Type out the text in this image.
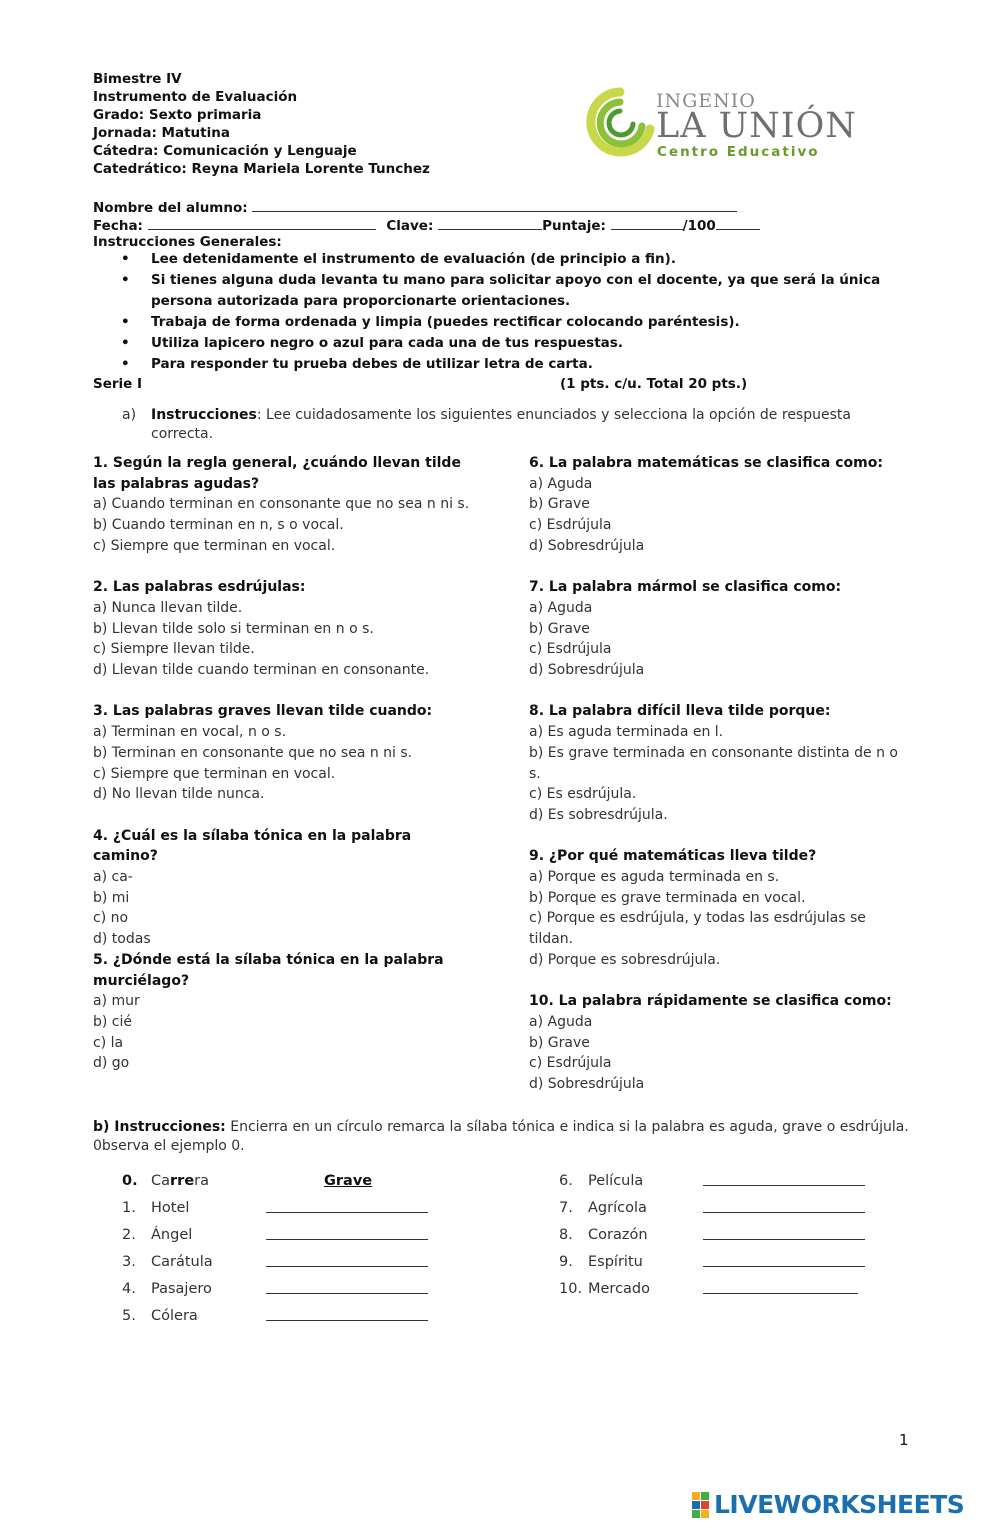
Bimestre IV
Instrumento de Evaluación
Grado: Sexto primaria
Jornada: Matutina
Cátedra: Comunicación y Lenguaje
Catedrático: Reyna Mariela Lorente Tunchez
INGENIO
LA UNIÓN
Centro Educativo
Nombre del alumno:
Fecha:	Clave:	Puntaje:	/100
Instrucciones Generales:
• Lee detenidamente el instrumento de evaluación (de principio a fin).
• Si tienes alguna duda levanta tu mano para solicitar apoyo con el docente, ya que será la única persona autorizada para proporcionarte orientaciones.
• Trabaja de forma ordenada y limpia (puedes rectificar colocando paréntesis).
• Utiliza lapicero negro o azul para cada una de tus respuestas.
• Para responder tu prueba debes de utilizar letra de carta.
Serie I	(1 pts. c/u. Total 20 pts.)
a) Instrucciones: Lee cuidadosamente los siguientes enunciados y selecciona la opción de respuesta correcta.
1. Según la regla general, ¿cuándo llevan tilde las palabras agudas?
a) Cuando terminan en consonante que no sea n ni s.
b) Cuando terminan en n, s o vocal.
c) Siempre que terminan en vocal.
2. Las palabras esdrújulas:
a) Nunca llevan tilde.
b) Llevan tilde solo si terminan en n o s.
c) Siempre llevan tilde.
d) Llevan tilde cuando terminan en consonante.
3. Las palabras graves llevan tilde cuando:
a) Terminan en vocal, n o s.
b) Terminan en consonante que no sea n ni s.
c) Siempre que terminan en vocal.
d) No llevan tilde nunca.
4. ¿Cuál es la sílaba tónica en la palabra camino?
a) ca-
b) mi
c) no
d) todas
5. ¿Dónde está la sílaba tónica en la palabra murciélago?
a) mur
b) cié
c) la
d) go
6. La palabra matemáticas se clasifica como:
a) Aguda
b) Grave
c) Esdrújula
d) Sobresdrújula
7. La palabra mármol se clasifica como:
a) Aguda
b) Grave
c) Esdrújula
d) Sobresdrújula
8. La palabra difícil lleva tilde porque:
a) Es aguda terminada en l.
b) Es grave terminada en consonante distinta de n o s.
c) Es esdrújula.
d) Es sobresdrújula.
9. ¿Por qué matemáticas lleva tilde?
a) Porque es aguda terminada en s.
b) Porque es grave terminada en vocal.
c) Porque es esdrújula, y todas las esdrújulas se tildan.
d) Porque es sobresdrújula.
10. La palabra rápidamente se clasifica como:
a) Aguda
b) Grave
c) Esdrújula
d) Sobresdrújula
b) Instrucciones: Encierra en un círculo remarca la sílaba tónica e indica si la palabra es aguda, grave o esdrújula. 0bserva el ejemplo 0.
0.	Carrera	Grave
1.	Hotel	
2.	Ángel	
3.	Carátula	
4.	Pasajero	
5.	Cólera	
6.	Película	
7.	Agrícola	
8.	Corazón	
9.	Espíritu	
10.	Mercado	
1
LIVEWORKSHEETS
